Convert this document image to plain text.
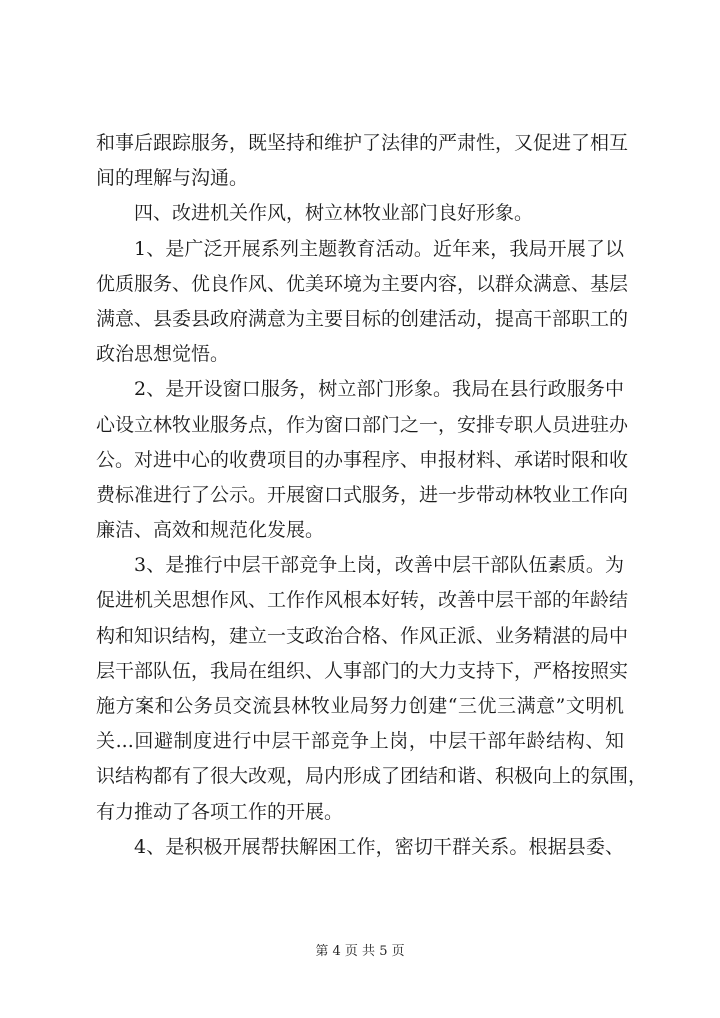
和事后跟踪服务，既坚持和维护了法律的严肃性，又促进了相互
间的理解与沟通。
四、改进机关作风，树立林牧业部门良好形象。
1、是广泛开展系列主题教育活动。近年来，我局开展了以
优质服务、优良作风、优美环境为主要内容，以群众满意、基层
满意、县委县政府满意为主要目标的创建活动，提高干部职工的
政治思想觉悟。
2、是开设窗口服务，树立部门形象。我局在县行政服务中
心设立林牧业服务点，作为窗口部门之一，安排专职人员进驻办
公。对进中心的收费项目的办事程序、申报材料、承诺时限和收
费标准进行了公示。开展窗口式服务，进一步带动林牧业工作向
廉洁、高效和规范化发展。
3、是推行中层干部竞争上岗，改善中层干部队伍素质。为
促进机关思想作风、工作作风根本好转，改善中层干部的年龄结
构和知识结构，建立一支政治合格、作风正派、业务精湛的局中
层干部队伍，我局在组织、人事部门的大力支持下，严格按照实
施方案和公务员交流县林牧业局努力创建“三优三满意”文明机
关...回避制度进行中层干部竞争上岗，中层干部年龄结构、知
识结构都有了很大改观，局内形成了团结和谐、积极向上的氛围，
有力推动了各项工作的开展。
4、是积极开展帮扶解困工作，密切干群关系。根据县委、
第 4 页 共 5 页
